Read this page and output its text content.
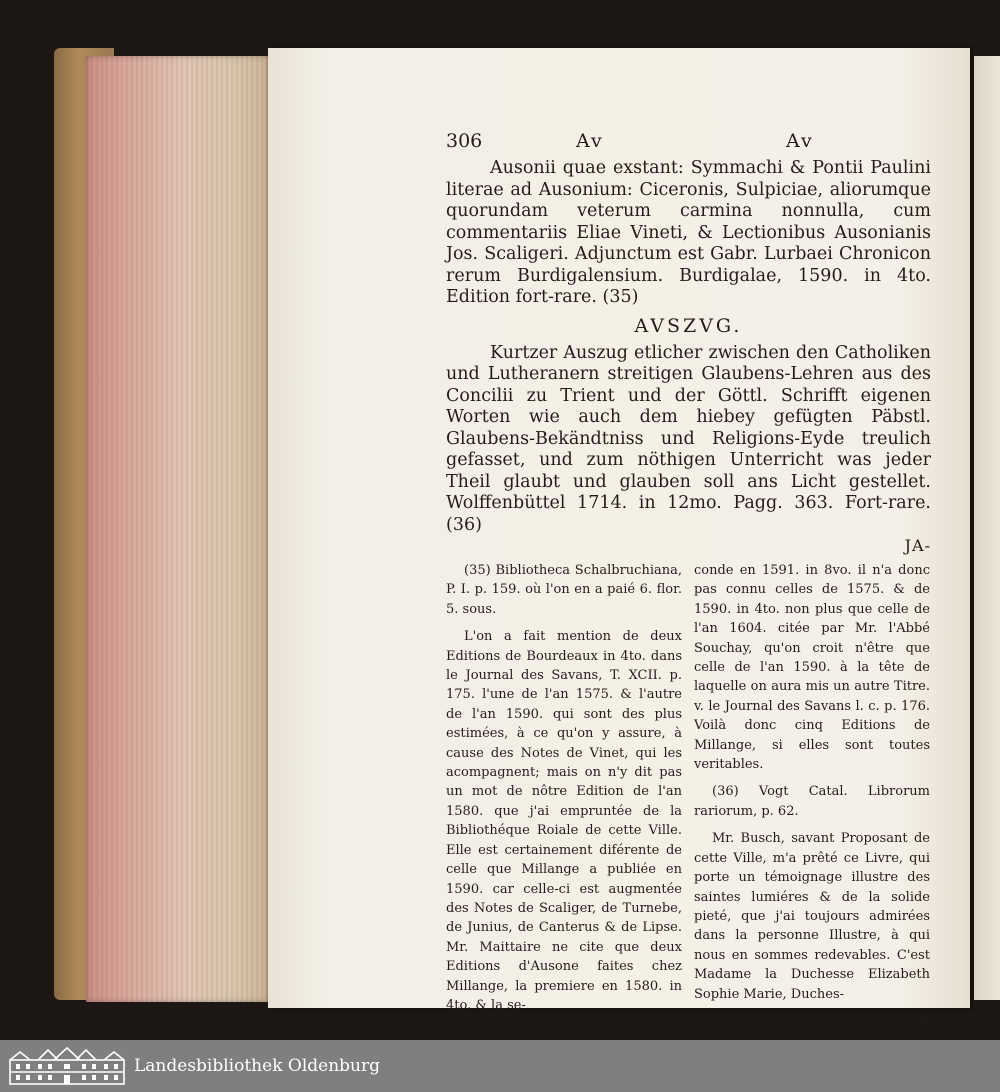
306	Av	Av

Ausonii quae exstant: Symmachi & Pontii Paulini literae ad Ausonium: Ciceronis, Sulpiciae, aliorumque quorundam veterum carmina nonnulla, cum commentariis Eliae Vineti, & Lectionibus Ausonianis Jos. Scaligeri. Adjunctum est Gabr. Lurbaei Chronicon rerum Burdigalensium. Burdigalae, 1590. in 4to. Edition fort-rare. (35)

AVSZVG.

Kurtzer Auszug etlicher zwischen den Catholiken und Lutheranern streitigen Glaubens-Lehren aus des Concilii zu Trient und der Göttl. Schrifft eigenen Worten wie auch dem hiebey gefügten Päbstl. Glaubens-Bekändtniss und Religions-Eyde treulich gefasset, und zum nöthigen Unterricht was jeder Theil glaubt und glauben soll ans Licht gestellet. Wolffenbüttel 1714. in 12mo. Pagg. 363. Fort-rare. (36)

JA-

(35) Bibliotheca Schalbruchiana, P. I. p. 159. où l'on en a paié 6. flor. 5. sous.

L'on a fait mention de deux Editions de Bourdeaux in 4to. dans le Journal des Savans, T. XCII. p. 175. l'une de l'an 1575. & l'autre de l'an 1590. qui sont des plus estimées, à ce qu'on y assure, à cause des Notes de Vinet, qui les acompagnent; mais on n'y dit pas un mot de nôtre Edition de l'an 1580. que j'ai empruntée de la Bibliothéque Roiale de cette Ville. Elle est certainement diférente de celle que Millange a publiée en 1590. car celle-ci est augmentée des Notes de Scaliger, de Turnebe, de Junius, de Canterus & de Lipse. Mr. Maittaire ne cite que deux Editions d'Ausone faites chez Millange, la premiere en 1580. in 4to. & la se-

conde en 1591. in 8vo. il n'a donc pas connu celles de 1575. & de 1590. in 4to. non plus que celle de l'an 1604. citée par Mr. l'Abbé Souchay, qu'on croit n'être que celle de l'an 1590. à la tête de laquelle on aura mis un autre Titre. v. le Journal des Savans l. c. p. 176. Voilà donc cinq Editions de Millange, si elles sont toutes veritables.

(36) Vogt Catal. Librorum rariorum, p. 62.

Mr. Busch, savant Proposant de cette Ville, m'a prêté ce Livre, qui porte un témoignage illustre des saintes lumiéres & de la solide pieté, que j'ai toujours admirées dans la personne Illustre, à qui nous en sommes redevables. C'est Madame la Duchesse Elizabeth Sophie Marie, Duches-

se

Landesbibliothek Oldenburg
